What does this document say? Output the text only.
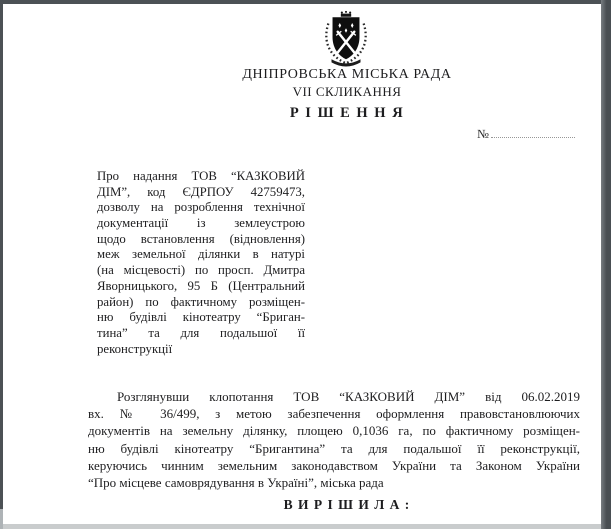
ДНІПРОВСЬКА МІСЬКА РАДА
VII СКЛИКАННЯ
Р І Ш Е Н Н Я
№
Про надання ТОВ “КАЗКОВИЙ
ДІМ”, код ЄДРПОУ 42759473,
дозволу на розроблення технічної
документації із землеустрою
щодо встановлення (відновлення)
меж земельної ділянки в натурі
(на місцевості) по просп. Дмитра
Яворницького, 95 Б (Центральний
район) по фактичному розміщен-
ню будівлі кінотеатру “Бриган-
тина” та для подальшої її
реконструкції
Розглянувши клопотання ТОВ “КАЗКОВИЙ ДІМ” від 06.02.2019
вх. № 36/499, з метою забезпечення оформлення правовстановлюючих
документів на земельну ділянку, площею 0,1036 га, по фактичному розміщен-
ню будівлі кінотеатру “Бригантина” та для подальшої її реконструкції,
керуючись чинним земельним законодавством України та Законом України
“Про місцеве самоврядування в Україні”, міська рада
В И Р І Ш И Л А :
